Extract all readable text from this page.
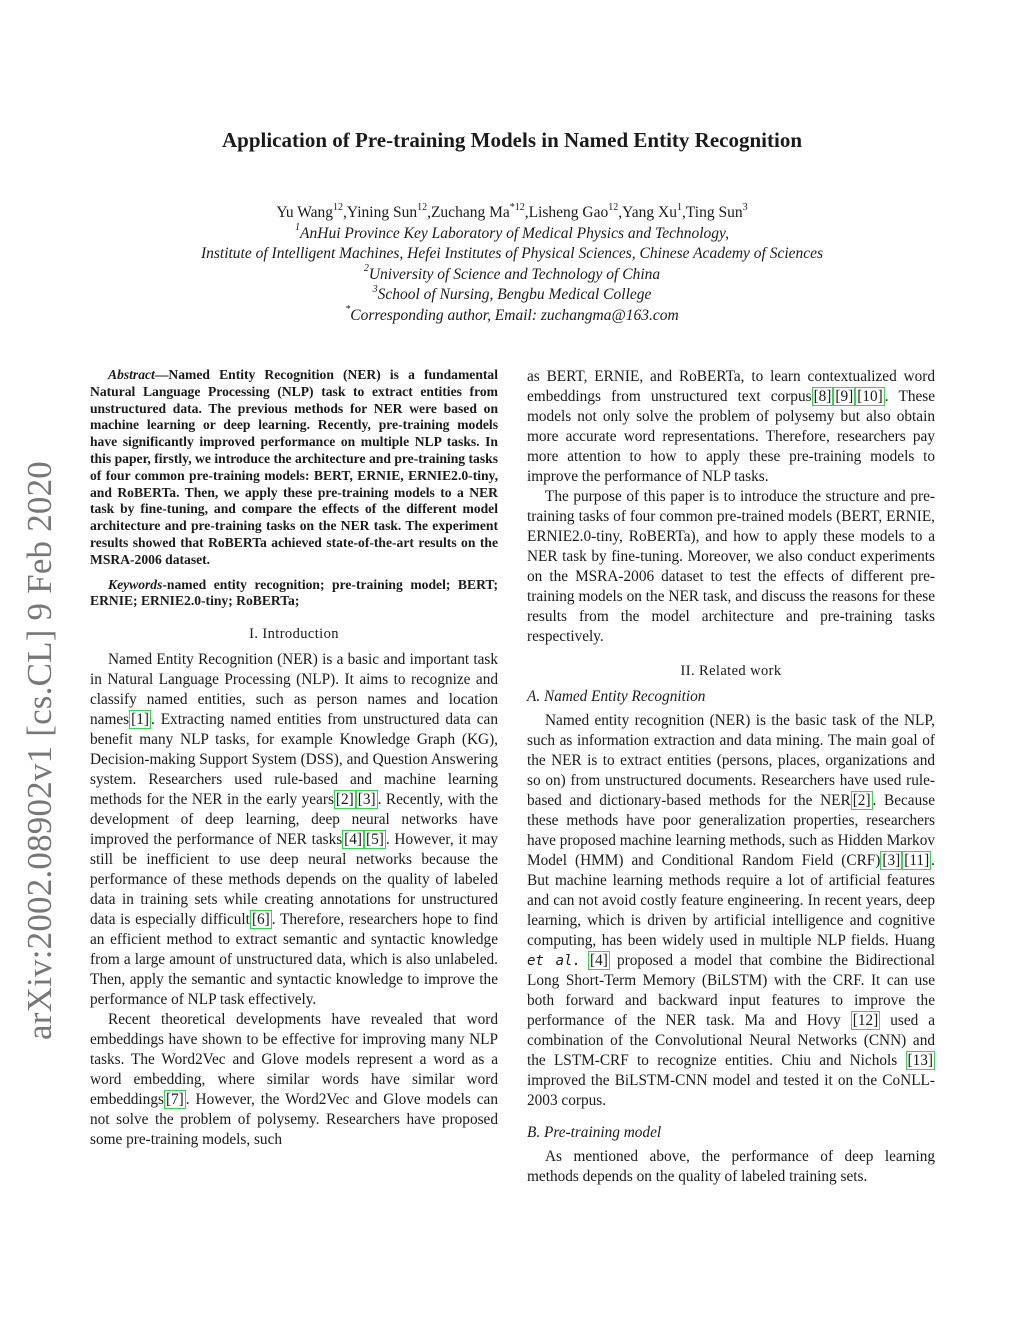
arXiv:2002.08902v1 [cs.CL] 9 Feb 2020
Application of Pre-training Models in Named Entity Recognition
Yu Wang$^{12}$,Yining Sun$^{12}$,Zuchang Ma$^{*12}$,Lisheng Gao$^{12}$,Yang Xu$^1$,Ting Sun$^3$
$^1$AnHui Province Key Laboratory of Medical Physics and Technology,
Institute of Intelligent Machines, Hefei Institutes of Physical Sciences, Chinese Academy of Sciences
$^2$University of Science and Technology of China
$^3$School of Nursing, Bengbu Medical College
*Corresponding author, Email: zuchangma@163.com

Abstract—Named Entity Recognition (NER) is a fundamental Natural Language Processing (NLP) task to extract entities from unstructured data. The previous methods for NER were based on machine learning or deep learning. Recently, pre-training models have significantly improved performance on multiple NLP tasks. In this paper, firstly, we introduce the architecture and pre-training tasks of four common pre-training models: BERT, ERNIE, ERNIE2.0-tiny, and RoBERTa. Then, we apply these pre-training models to a NER task by fine-tuning, and compare the effects of the different model architecture and pre-training tasks on the NER task. The experiment results showed that RoBERTa achieved state-of-the-art results on the MSRA-2006 dataset.

Keywords-named entity recognition; pre-training model; BERT; ERNIE; ERNIE2.0-tiny; RoBERTa;

I. Introduction

Named Entity Recognition (NER) is a basic and important task in Natural Language Processing (NLP). It aims to recognize and classify named entities, such as person names and location names [1] . Extracting named entities from unstructured data can benefit many NLP tasks, for example Knowledge Graph (KG), Decision-making Support System (DSS), and Question Answering system. Researchers used rule-based and machine learning methods for the NER in the early years [2] [3] . Recently, with the development of deep learning, deep neural networks have improved the performance of NER tasks [4] [5] . However, it may still be inefficient to use deep neural networks because the performance of these methods depends on the quality of labeled data in training sets while creating annotations for unstructured data is especially difficult [6] . Therefore, researchers hope to find an efficient method to extract semantic and syntactic knowledge from a large amount of unstructured data, which is also unlabeled. Then, apply the semantic and syntactic knowledge to improve the performance of NLP task effectively.

Recent theoretical developments have revealed that word embeddings have shown to be effective for improving many NLP tasks. The Word2Vec and Glove models represent a word as a word embedding, where similar words have similar word embeddings [7] . However, the Word2Vec and Glove models can not solve the problem of polysemy. Researchers have proposed some pre-training models, such

as BERT, ERNIE, and RoBERTa, to learn contextualized word embeddings from unstructured text corpus [8] [9] [10] . These models not only solve the problem of polysemy but also obtain more accurate word representations. Therefore, researchers pay more attention to how to apply these pre-training models to improve the performance of NLP tasks.

The purpose of this paper is to introduce the structure and pre-training tasks of four common pre-trained models (BERT, ERNIE, ERNIE2.0-tiny, RoBERTa), and how to apply these models to a NER task by fine-tuning. Moreover, we also conduct experiments on the MSRA-2006 dataset to test the effects of different pre-training models on the NER task, and discuss the reasons for these results from the model architecture and pre-training tasks respectively.

II. Related work

A. Named Entity Recognition

Named entity recognition (NER) is the basic task of the NLP, such as information extraction and data mining. The main goal of the NER is to extract entities (persons, places, organizations and so on) from unstructured documents. Researchers have used rule-based and dictionary-based methods for the NER [2] . Because these methods have poor generalization properties, researchers have proposed machine learning methods, such as Hidden Markov Model (HMM) and Conditional Random Field (CRF) [3] [11] . But machine learning methods require a lot of artificial features and can not avoid costly feature engineering. In recent years, deep learning, which is driven by artificial intelligence and cognitive computing, has been widely used in multiple NLP fields. Huang et al. [4] proposed a model that combine the Bidirectional Long Short-Term Memory (BiLSTM) with the CRF. It can use both forward and backward input features to improve the performance of the NER task. Ma and Hovy [12] used a combination of the Convolutional Neural Networks (CNN) and the LSTM-CRF to recognize entities. Chiu and Nichols [13] improved the BiLSTM-CNN model and tested it on the CoNLL-2003 corpus.

B. Pre-training model

As mentioned above, the performance of deep learning methods depends on the quality of labeled training sets.
